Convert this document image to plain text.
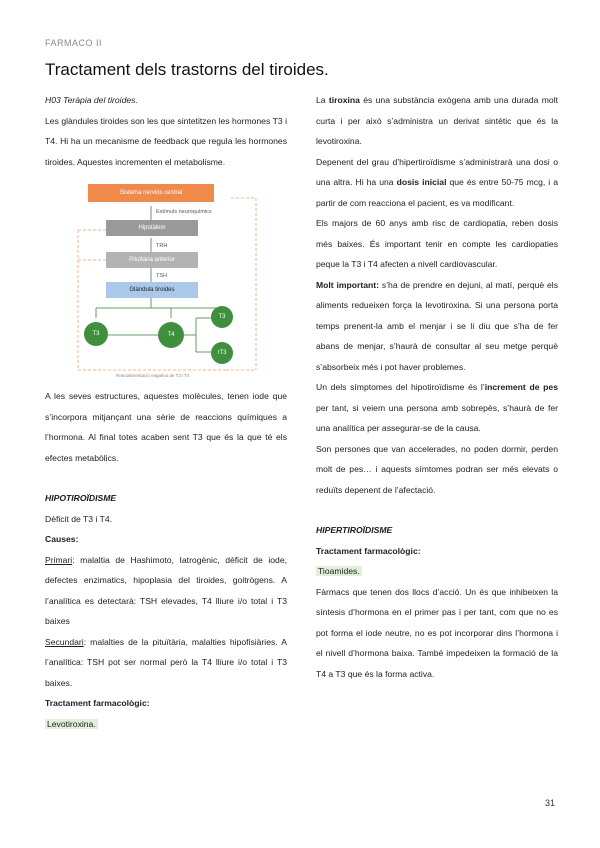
FARMACO II
Tractament dels trastorns del tiroides.

H03 Teràpia del tiroides.

Les glàndules tiroides son les que sintetitzen les hormones T3 i T4. Hi ha un mecanisme de feedback que regula les hormones tiroides. Aquestes incrementen el metabolisme.

Sistema nerviós central
Estímuls neuroquímics
Hipotàlem
TRH
Pituïtaria anterior
TSH
Glàndula tiroides
T3	T4
T3
rT3
Retroalimentació negativa de T3 i T4

A les seves estructures, aquestes molècules, tenen iode que s’incorpora mitjançant una sèrie de reaccions químiques a l’hormona. Al final totes acaben sent T3 que és la que té els efectes metabòlics.

HIPOTIROÏDISME

Dèficit de T3 i T4.

Causes:

Primari: malaltia de Hashimoto, Iatrogènic, dèficit de iode, defectes enzimatics, hipoplasia del tiroides, goitrògens. A l’analítica es detectarà: TSH elevades, T4 lliure i/o total i T3 baixes

Secundari: malalties de la pituïtària, malalties hipofisiàries. A l’analítica: TSH pot ser normal però la T4 lliure i/o total i T3 baixes.

Tractament farmacològic:

Levotiroxina.

La tiroxina és una substància exògena amb una durada molt curta i per això s’administra un derivat sintètic que és la levotiroxina.

Depenent del grau d’hipertiroïdisme s’administrarà una dosi o una altra. Hi ha una dosis inicial que és entre 50-75 mcg, i a partir de com reacciona el pacient, es va modificant.

Els majors de 60 anys amb risc de cardiopatia, reben dosis més baixes. És important tenir en compte les cardiopaties peque la T3 i T4 afecten a nivell cardiovascular.

Molt important: s’ha de prendre en dejuni, al matí, perquè els aliments redueixen força la levotiroxina. Si una persona porta temps prenent-la amb el menjar i se li diu que s’ha de fer abans de menjar, s’haurà de consultar al seu metge perquè s’absorbeix més i pot haver problemes.

Un dels símptomes del hipotiroïdisme és l’increment de pes per tant, si veiem una persona amb sobrepès, s’haurà de fer una analítica per assegurar-se de la causa.

Son persones que van accelerades, no poden dormir, perden molt de pes… i aquests símtomes podran ser més elevats o reduïts depenent de l’afectació.

HIPERTIROÏDISME

Tractament farmacològic:

Tioamides.

Fàrmacs que tenen dos llocs d’acció. Un és que inhibeixen la síntesis d’hormona en el primer pas i per tant, com que no es pot forma el iode neutre, no es pot incorporar dins l’hormona i el nivell d’hormona baixa. També impedeixen la formació de la T4 a T3 que és la forma activa.

31
